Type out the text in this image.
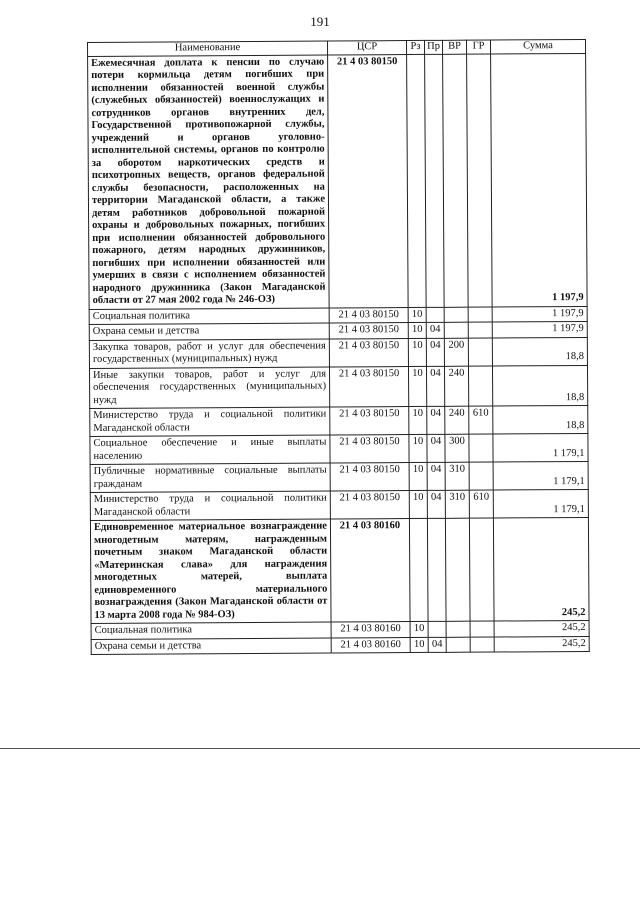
191
Наименование	ЦСР	Рз	Пр	ВР	ГР	Сумма
Ежемесячная доплата к пенсии по случаю потери кормильца детям погибших при исполнении обязанностей военной службы (служебных обязанностей) военнослужащих и сотрудников органов внутренних дел, Государственной противопожарной службы, учреждений и органов уголовно-исполнительной системы, органов по контролю за оборотом наркотических средств и психотропных веществ, органов федеральной службы безопасности, расположенных на территории Магаданской области, а также детям работников добровольной пожарной охраны и добровольных пожарных, погибших при исполнении обязанностей добровольного пожарного, детям народных дружинников, погибших при исполнении обязанностей или умерших в связи с исполнением обязанностей народного дружинника (Закон Магаданской области от 27 мая 2002 года № 246-ОЗ)	21 4 03 80150					1 197,9
Социальная политика	21 4 03 80150	10				1 197,9
Охрана семьи и детства	21 4 03 80150	10	04			1 197,9
Закупка товаров, работ и услуг для обеспечения государственных (муниципальных) нужд	21 4 03 80150	10	04	200		18,8
Иные закупки товаров, работ и услуг для обеспечения государственных (муниципальных) нужд	21 4 03 80150	10	04	240		18,8
Министерство труда и социальной политики Магаданской области	21 4 03 80150	10	04	240	610	18,8
Социальное обеспечение и иные выплаты населению	21 4 03 80150	10	04	300		1 179,1
Публичные нормативные социальные выплаты гражданам	21 4 03 80150	10	04	310		1 179,1
Министерство труда и социальной политики Магаданской области	21 4 03 80150	10	04	310	610	1 179,1
Единовременное материальное вознаграждение многодетным матерям, награжденным почетным знаком Магаданской области «Материнская слава» для награждения многодетных матерей, выплата единовременного материального вознаграждения (Закон Магаданской области от 13 марта 2008 года № 984-ОЗ)	21 4 03 80160					245,2
Социальная политика	21 4 03 80160	10				245,2
Охрана семьи и детства	21 4 03 80160	10	04			245,2
